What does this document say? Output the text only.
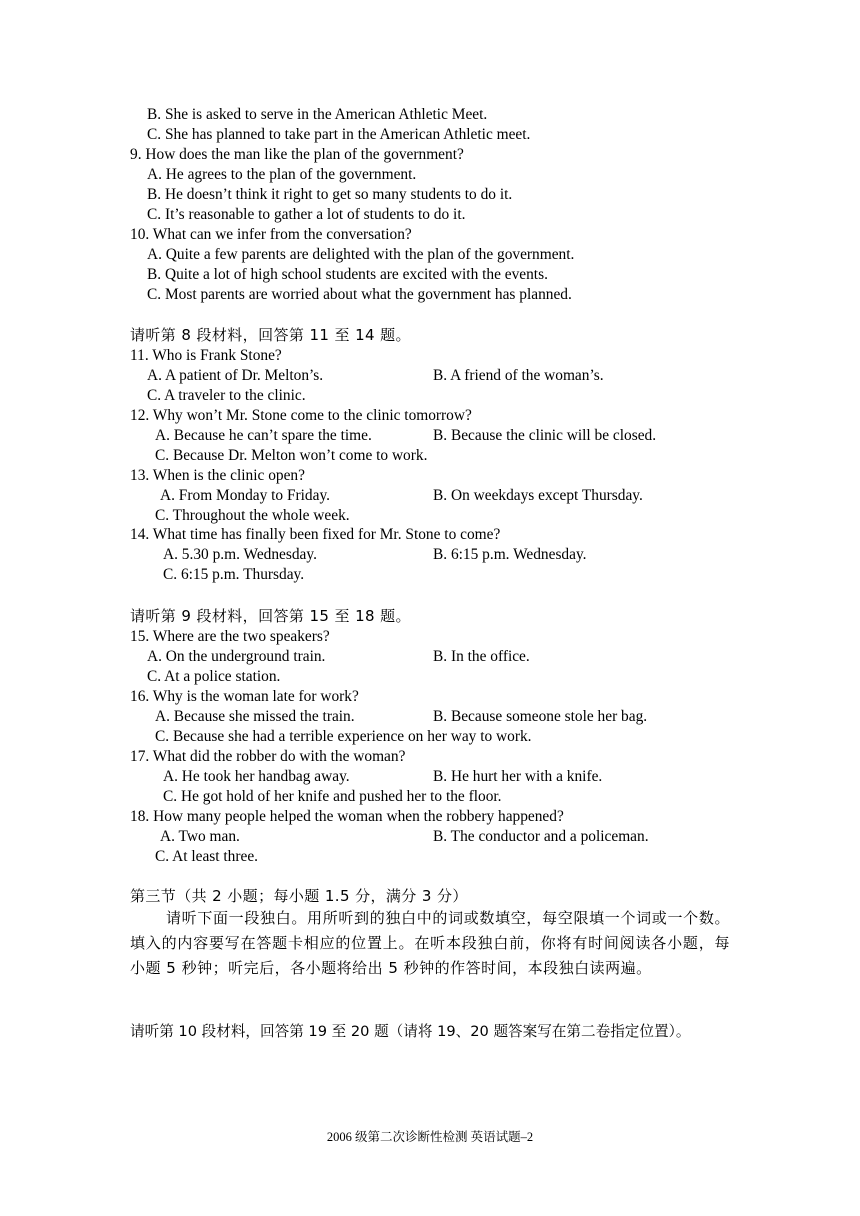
B. She is asked to serve in the American Athletic Meet.
C. She has planned to take part in the American Athletic meet.
9. How does the man like the plan of the government?
A. He agrees to the plan of the government.
B. He doesn’t think it right to get so many students to do it.
C. It’s reasonable to gather a lot of students to do it.
10. What can we infer from the conversation?
A. Quite a few parents are delighted with the plan of the government.
B. Quite a lot of high school students are excited with the events.
C. Most parents are worried about what the government has planned.
请听第 8 段材料，回答第 11 至 14 题。
11. Who is Frank Stone?
A. A patient of Dr. Melton’s.	B. A friend of the woman’s.
C. A traveler to the clinic.
12. Why won’t Mr. Stone come to the clinic tomorrow?
A. Because he can’t spare the time.	B. Because the clinic will be closed.
C. Because Dr. Melton won’t come to work.
13. When is the clinic open?
A. From Monday to Friday.	B. On weekdays except Thursday.
C. Throughout the whole week.
14. What time has finally been fixed for Mr. Stone to come?
A. 5.30 p.m. Wednesday.	B. 6:15 p.m. Wednesday.
C. 6:15 p.m. Thursday.
请听第 9 段材料，回答第 15 至 18 题。
15. Where are the two speakers?
A. On the underground train.	B. In the office.
C. At a police station.
16. Why is the woman late for work?
A. Because she missed the train.	B. Because someone stole her bag.
C. Because she had a terrible experience on her way to work.
17. What did the robber do with the woman?
A. He took her handbag away.	B. He hurt her with a knife.
C. He got hold of her knife and pushed her to the floor.
18. How many people helped the woman when the robbery happened?
A. Two man.	B. The conductor and a policeman.
C. At least three.
第三节（共 2 小题；每小题 1.5 分，满分 3 分）
请听下面一段独白。用所听到的独白中的词或数填空，每空限填一个词或一个数。填入的内容要写在答题卡相应的位置上。在听本段独白前，你将有时间阅读各小题，每小题 5 秒钟；听完后，各小题将给出 5 秒钟的作答时间，本段独白读两遍。
请听第 10 段材料，回答第 19 至 20 题（请将 19、20 题答案写在第二卷指定位置）。
2006 级第二次诊断性检测 英语试题–2
